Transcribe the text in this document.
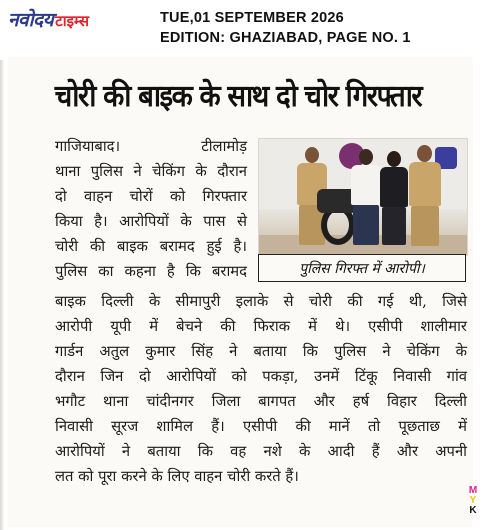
नवोदय टाइम्स	TUE,01 SEPTEMBER 2026
EDITION: GHAZIABAD, PAGE NO. 1
चोरी की बाइक के साथ दो चोर गिरफ्तार
गाजियाबाद। टीलामोड़
थाना पुलिस ने चेकिंग के दौरान
दो वाहन चोरों को गिरफ्तार
किया है। आरोपियों के पास से
चोरी की बाइक बरामद हुई है।
पुलिस का कहना है कि बरामद
बाइक दिल्ली के सीमापुरी इलाके से चोरी की गई थी, जिसे
आरोपी यूपी में बेचने की फिराक में थे। एसीपी शालीमार
गार्डन अतुल कुमार सिंह ने बताया कि पुलिस ने चेकिंग के
दौरान जिन दो आरोपियों को पकड़ा, उनमें टिंकू निवासी गांव
भगौट थाना चांदीनगर जिला बागपत और हर्ष विहार दिल्ली
निवासी सूरज शामिल हैं। एसीपी की मानें तो पूछताछ में
आरोपियों ने बताया कि वह नशे के आदी हैं और अपनी
लत को पूरा करने के लिए वाहन चोरी करते हैं।
पुलिस गिरफ्त में आरोपी।
M
Y
K
